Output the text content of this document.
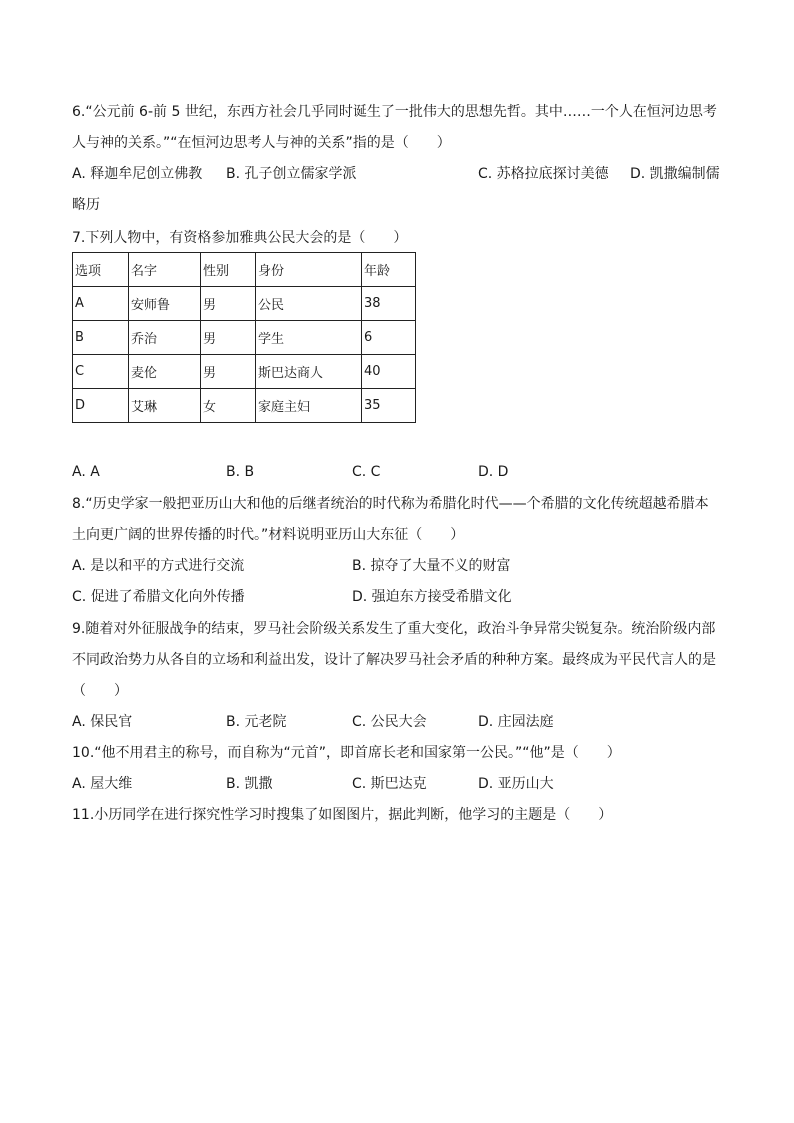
6.“公元前 6-前 5 世纪，东西方社会几乎同时诞生了一批伟大的思想先哲。其中……一个人在恒河边思考
人与神的关系。”“在恒河边思考人与神的关系”指的是（　　）
A. 释迦牟尼创立佛教 B. 孔子创立儒家学派	C. 苏格拉底探讨美德 D. 凯撒编制儒
略历
7.下列人物中，有资格参加雅典公民大会的是（　　）
选项	名字	性别	身份	年龄
A	安师鲁	男	公民	38
B	乔治	男	学生	6
C	麦伦	男	斯巴达商人	40
D	艾琳	女	家庭主妇	35
A. A	B. B	C. C	D. D
8.“历史学家一般把亚历山大和他的后继者统治的时代称为希腊化时代——个希腊的文化传统超越希腊本
土向更广阔的世界传播的时代。”材料说明亚历山大东征（　　）
A. 是以和平的方式进行交流	B. 掠夺了大量不义的财富
C. 促进了希腊文化向外传播	D. 强迫东方接受希腊文化
9.随着对外征服战争的结束，罗马社会阶级关系发生了重大变化，政治斗争异常尖锐复杂。统治阶级内部
不同政治势力从各自的立场和利益出发，设计了解决罗马社会矛盾的种种方案。最终成为平民代言人的是
（　　）
A. 保民官	B. 元老院	C. 公民大会	D. 庄园法庭
10.“他不用君主的称号，而自称为“元首”，即首席长老和国家第一公民。”“他”是（　　）
A. 屋大维	B. 凯撒	C. 斯巴达克	D. 亚历山大
11.小历同学在进行探究性学习时搜集了如图图片，据此判断，他学习的主题是（　　）
